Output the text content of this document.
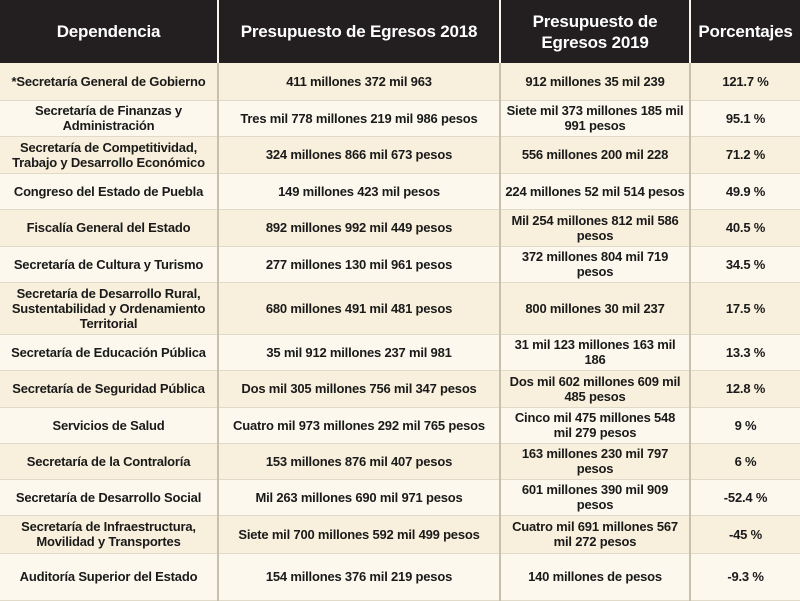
Dependencia	Presupuesto de Egresos 2018	Presupuesto de Egresos 2019	Porcentajes
*Secretaría General de Gobierno	411 millones 372 mil 963	912 millones 35 mil 239	121.7 %
Secretaría de Finanzas y Administración	Tres mil 778 millones 219 mil 986 pesos	Siete mil 373 millones 185 mil 991 pesos	95.1 %
Secretaría de Competitividad, Trabajo y Desarrollo Económico	324 millones 866 mil 673 pesos	556 millones 200 mil 228	71.2 %
Congreso del Estado de Puebla	149 millones 423 mil pesos	224 millones 52 mil 514 pesos	49.9 %
Fiscalía General del Estado	892 millones 992 mil 449 pesos	Mil 254 millones 812 mil 586 pesos	40.5 %
Secretaría de Cultura y Turismo	277 millones 130 mil 961 pesos	372 millones 804 mil 719 pesos	34.5 %
Secretaría de Desarrollo Rural, Sustentabilidad y Ordenamiento Territorial	680 millones 491 mil 481 pesos	800 millones 30 mil 237	17.5 %
Secretaría de Educación Pública	35 mil 912 millones 237 mil 981	31 mil 123 millones 163 mil 186	13.3 %
Secretaría de Seguridad Pública	Dos mil 305 millones 756 mil 347 pesos	Dos mil 602 millones 609 mil 485 pesos	12.8 %
Servicios de Salud	Cuatro mil 973 millones 292 mil 765 pesos	Cinco mil 475 millones 548 mil 279 pesos	9 %
Secretaría de la Contraloría	153 millones 876 mil 407 pesos	163 millones 230 mil 797 pesos	6 %
Secretaría de Desarrollo Social	Mil 263 millones 690 mil 971 pesos	601 millones 390 mil 909 pesos	-52.4 %
Secretaría de Infraestructura, Movilidad y Transportes	Siete mil 700 millones 592 mil 499 pesos	Cuatro mil 691 millones 567 mil 272 pesos	-45 %
Auditoría Superior del Estado	154 millones 376 mil 219 pesos	140 millones de pesos	-9.3 %
